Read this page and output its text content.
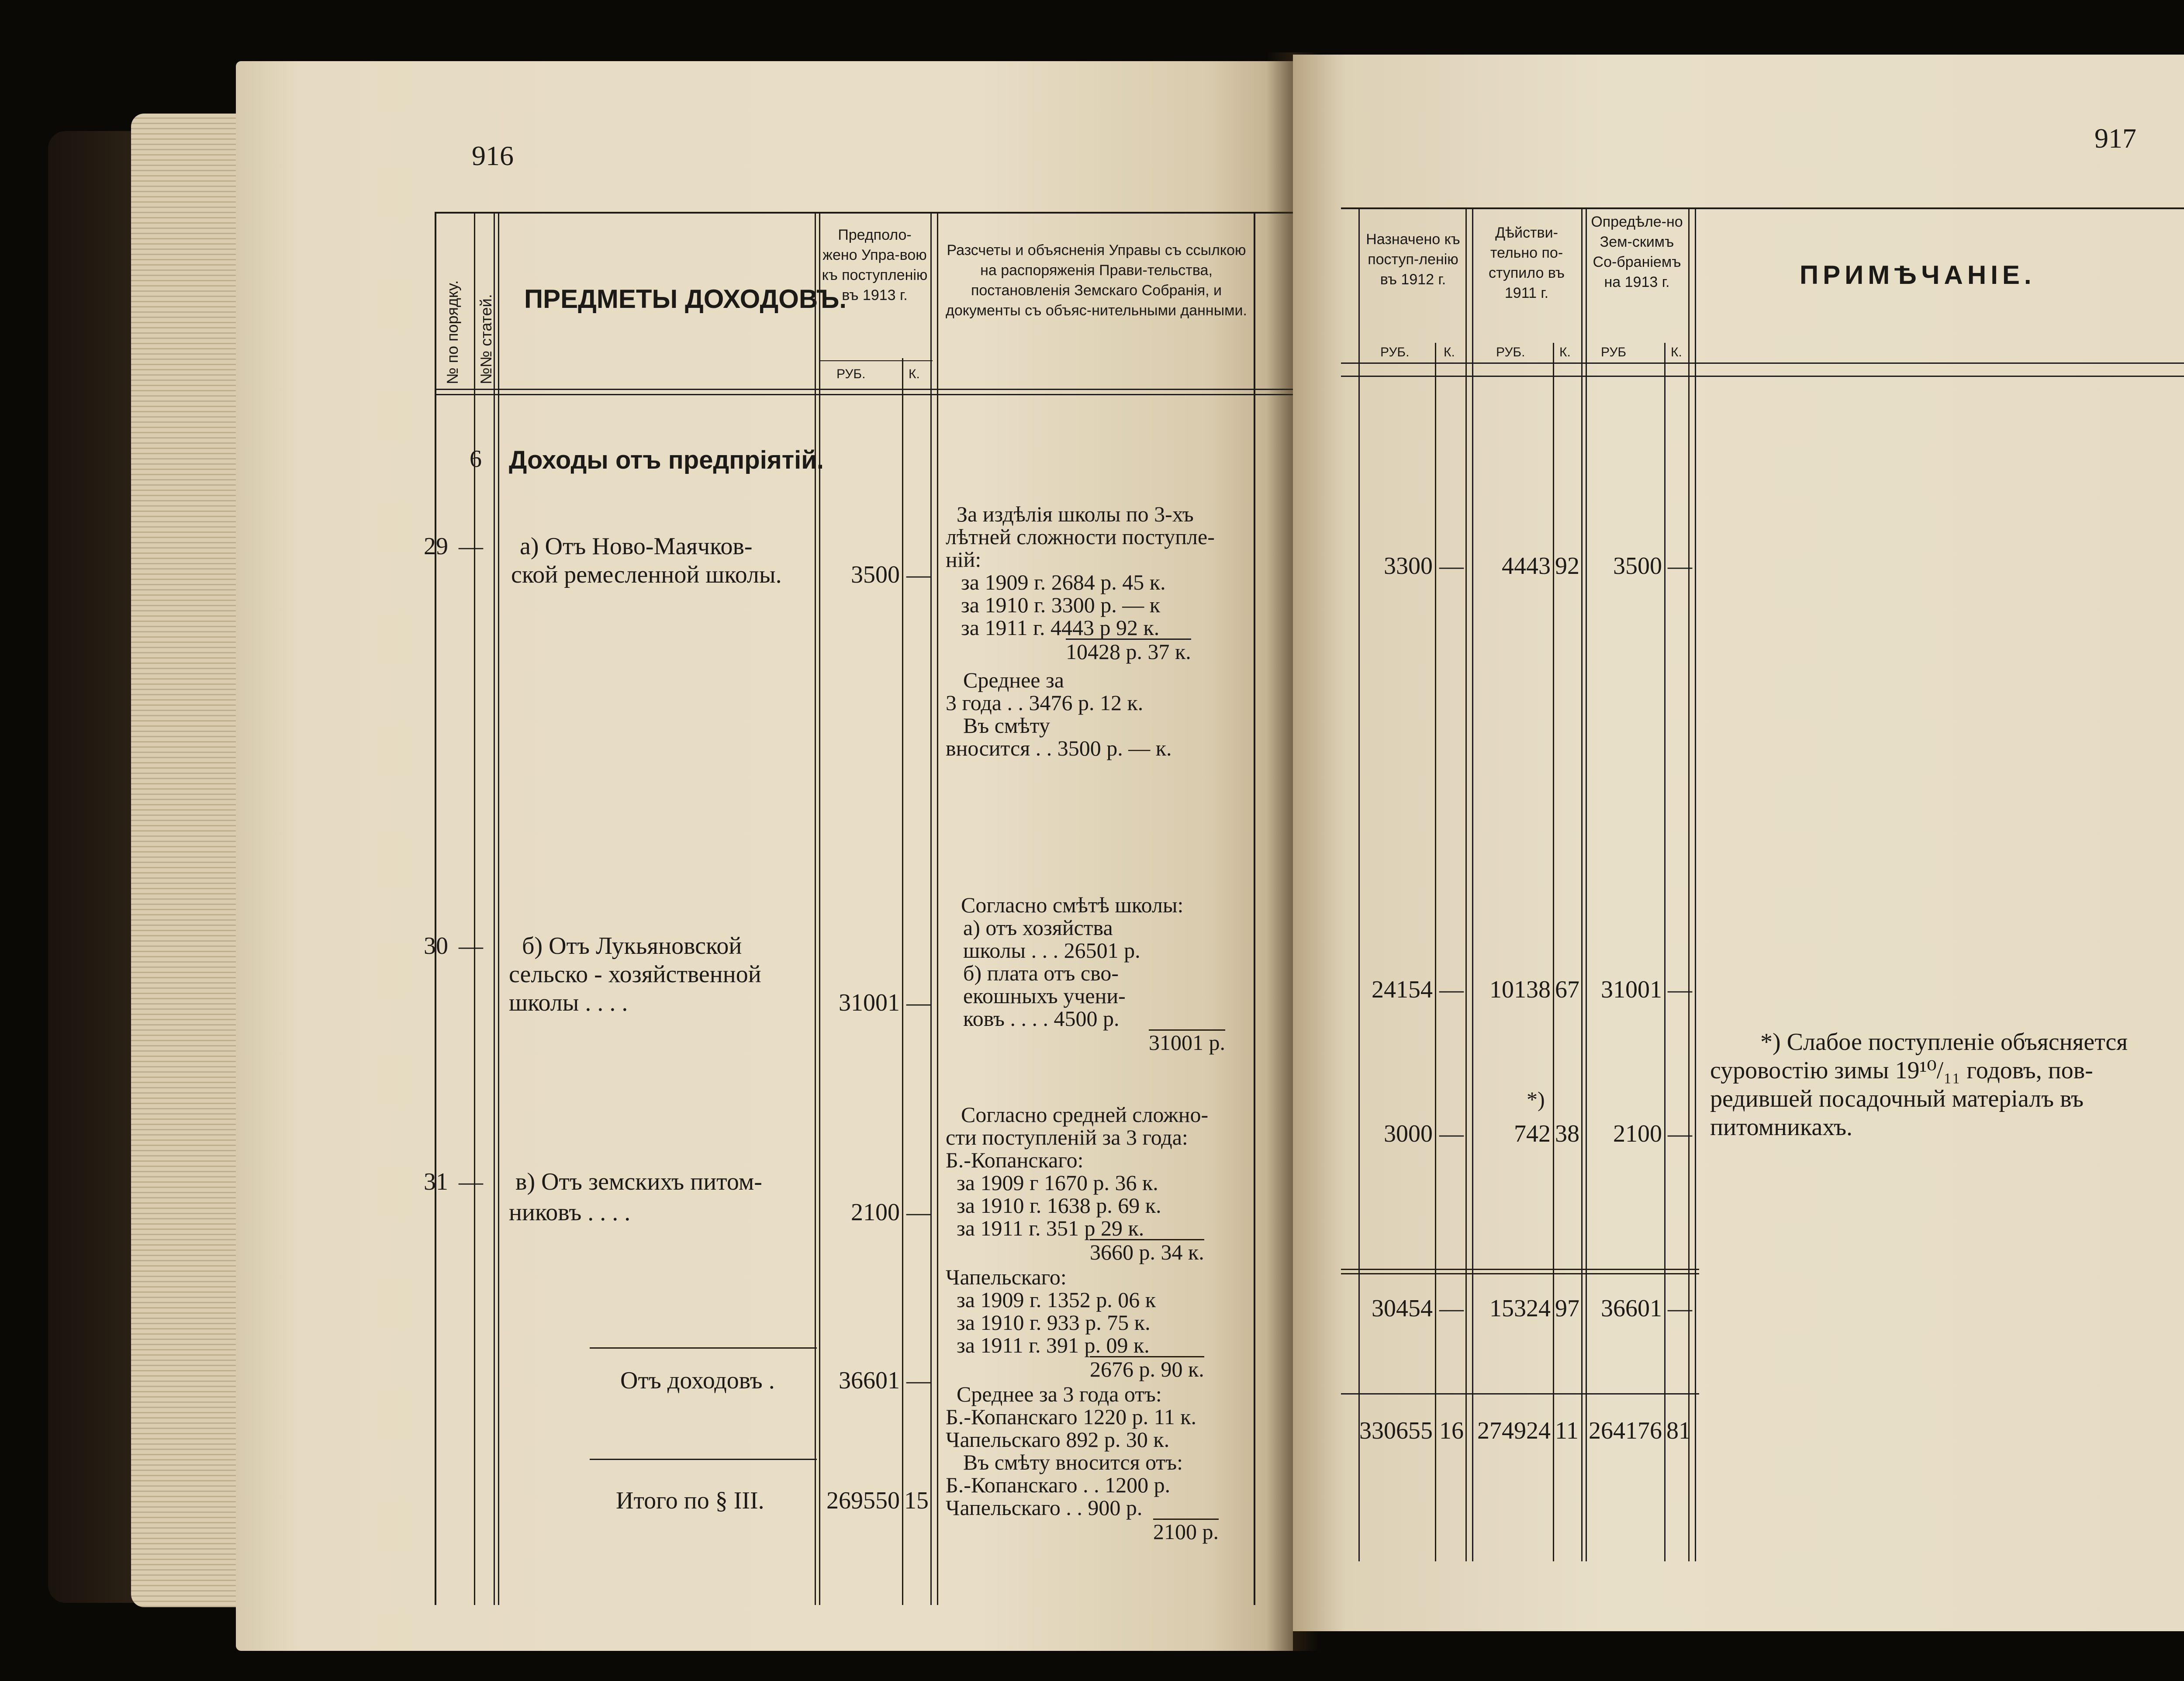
916
№ по порядку. №№ статей. ПРЕДМЕТЫ ДОХОДОВЪ.
Предполо-жено Упра-вою къ поступленію въ 1913 г.
РУБ.	К.
Разсчеты и объясненія Управы съ ссылкою на распоряженія Прави-тельства, постановленія Земскаго Собранія, и документы съ объяс-нительными данными.
6 Доходы отъ предпріятій.
29 — а) Отъ Ново-Маячков-
ской ремесленной школы.	3500 —
За издѣлія школы по 3-хъ
лѣтней сложности поступле-
ній:
за 1909 г. 2684 р. 45 к.
за 1910 г. 3300 р. — к
за 1911 г. 4443 р 92 к.
10428 р. 37 к.
Среднее за
3 года . . 3476 р. 12 к.
Въ смѣту
вносится . . 3500 р. — к.
30 — б) Отъ Лукьяновской
сельско - хозяйственной
школы . . . .	31001 —
Согласно смѣтѣ школы:
а) отъ хозяйства
школы . . . 26501 р.
б) плата отъ сво-
екошныхъ учени-
ковъ . . . . 4500 р.
31001 р.
31 — в) Отъ земскихъ питом-
никовъ . . . .	2100 —
Согласно средней сложно-
сти поступленій за 3 года:
Б.-Копанскаго:
за 1909 г 1670 р. 36 к.
за 1910 г. 1638 р. 69 к.
за 1911 г. 351 р 29 к.
3660 р. 34 к.
Чапельскаго:
за 1909 г. 1352 р. 06 к
за 1910 г. 933 р. 75 к.
за 1911 г. 391 р. 09 к.
2676 р. 90 к.
Среднее за 3 года отъ:
Б.-Копанскаго 1220 р. 11 к.
Чапельскаго 892 р. 30 к.
Въ смѣту вносится отъ:
Б.-Копанскаго . . 1200 р.
Чапельскаго . . 900 р.
2100 р.
Отъ доходовъ .	36601 —
Итого по § III.	269550 15
917
Назначено къ поступ-ленію въ 1912 г.
Дѣйстви-тельно по-ступило въ 1911 г.
Опредѣле-но Зем-скимъ Со-браніемъ на 1913 г.	ПРИМѢЧАНІЕ.
РУБ.	К.	РУБ.	К. РУБ	К.
3300 —	4443 92	3500 —
24154 —	10138 67 31001 —
*)
3000 —	742 38	2100 —
30454 —	15324 97 36601 —
330655 16 274924 11 264176 81
*) Слабое поступленіе объясняется
суровостію зимы 19¹⁰/₁₁ годовъ, пов-
редившей посадочный матеріалъ въ
питомникахъ.
